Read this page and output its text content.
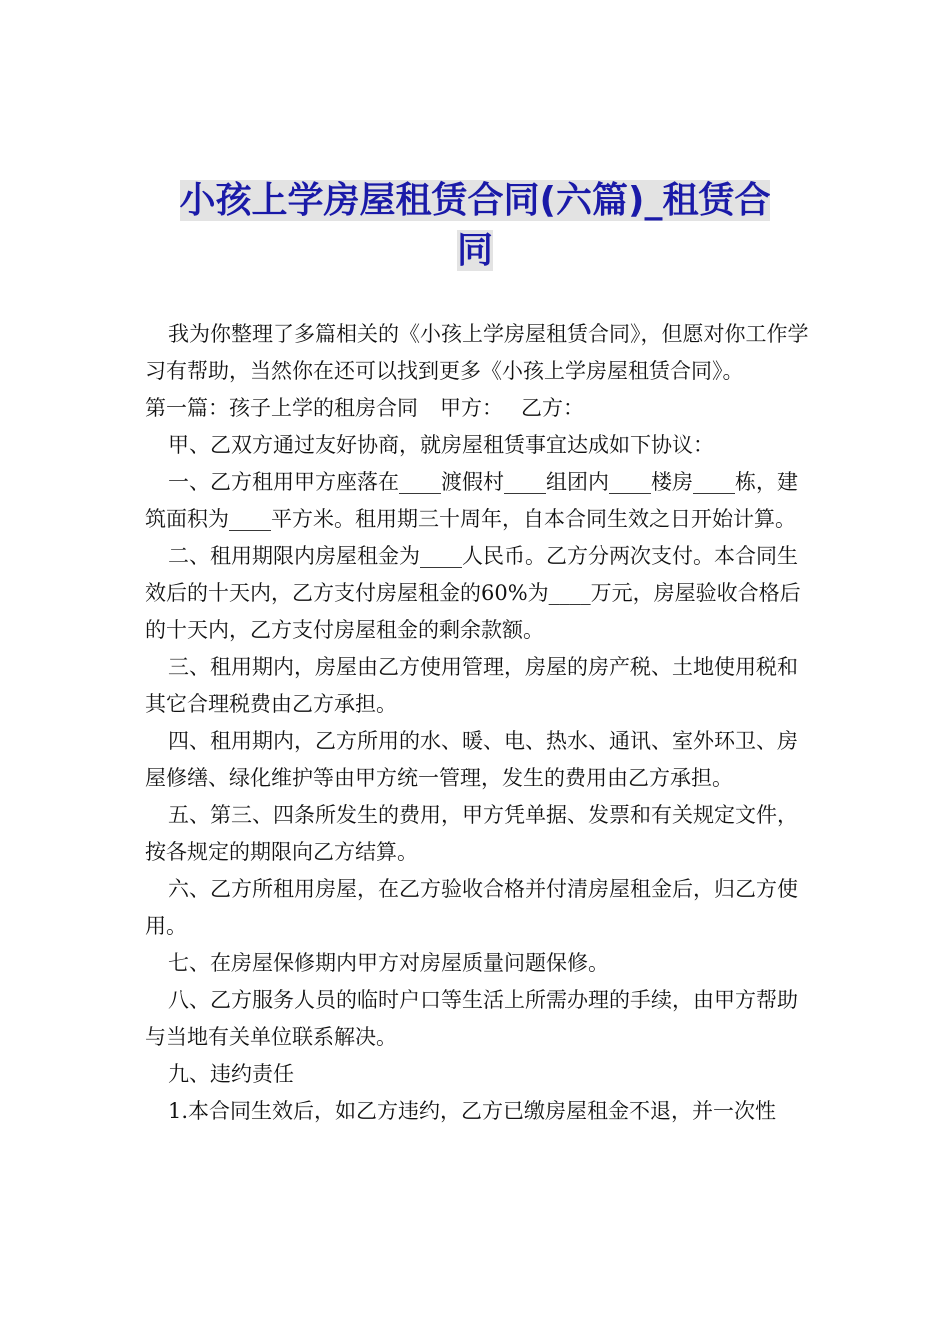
小孩上学房屋租赁合同(六篇)_租赁合
同

我为你整理了多篇相关的《小孩上学房屋租赁合同》，但愿对你工作学习有帮助，当然你在还可以找到更多《小孩上学房屋租赁合同》。

第一篇：孩子上学的租房合同 甲方： 乙方：

甲、乙双方通过友好协商，就房屋租赁事宜达成如下协议：

一、乙方租用甲方座落在____渡假村____组团内____楼房____栋，建筑面积为____平方米。租用期三十周年，自本合同生效之日开始计算。

二、租用期限内房屋租金为____人民币。乙方分两次支付。本合同生效后的十天内，乙方支付房屋租金的60%为____万元，房屋验收合格后的十天内，乙方支付房屋租金的剩余款额。

三、租用期内，房屋由乙方使用管理，房屋的房产税、土地使用税和其它合理税费由乙方承担。

四、租用期内，乙方所用的水、暖、电、热水、通讯、室外环卫、房屋修缮、绿化维护等由甲方统一管理，发生的费用由乙方承担。

五、第三、四条所发生的费用，甲方凭单据、发票和有关规定文件，按各规定的期限向乙方结算。

六、乙方所租用房屋，在乙方验收合格并付清房屋租金后，归乙方使用。

七、在房屋保修期内甲方对房屋质量问题保修。

八、乙方服务人员的临时户口等生活上所需办理的手续，由甲方帮助与当地有关单位联系解决。

九、违约责任

1.本合同生效后，如乙方违约，乙方已缴房屋租金不退，并一次性
